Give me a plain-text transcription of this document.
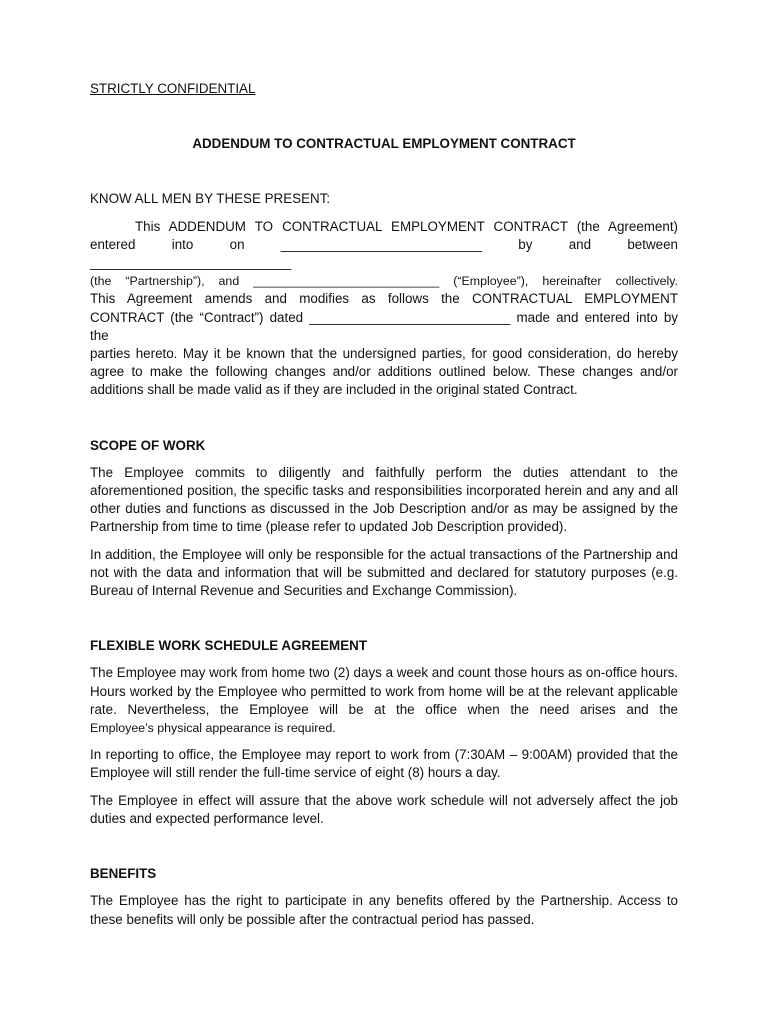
STRICTLY CONFIDENTIAL

ADDENDUM TO CONTRACTUAL EMPLOYMENT CONTRACT

KNOW ALL MEN BY THESE PRESENT:

This ADDENDUM TO CONTRACTUAL EMPLOYMENT CONTRACT (the Agreement)

entered into on ___________________________ by and between ___________________________

(the “Partnership”), and ___________________________ (“Employee”), hereinafter collectively.

This Agreement amends and modifies as follows the CONTRACTUAL EMPLOYMENT

CONTRACT (the “Contract”) dated ___________________________ made and entered into by the

parties hereto. May it be known that the undersigned parties, for good consideration, do hereby

agree to make the following changes and/or additions outlined below. These changes and/or

additions shall be made valid as if they are included in the original stated Contract.

SCOPE OF WORK

The Employee commits to diligently and faithfully perform the duties attendant to the aforementioned position, the specific tasks and responsibilities incorporated herein and any and all other duties and functions as discussed in the Job Description and/or as may be assigned by the Partnership from time to time (please refer to updated Job Description provided).

In addition, the Employee will only be responsible for the actual transactions of the Partnership and not with the data and information that will be submitted and declared for statutory purposes (e.g. Bureau of Internal Revenue and Securities and Exchange Commission).

FLEXIBLE WORK SCHEDULE AGREEMENT

The Employee may work from home two (2) days a week and count those hours as on-office hours. Hours worked by the Employee who permitted to work from home will be at the relevant applicable rate. Nevertheless, the Employee will be at the office when the need arises and the

Employee’s physical appearance is required.

In reporting to office, the Employee may report to work from (7:30AM – 9:00AM) provided that the Employee will still render the full-time service of eight (8) hours a day.

The Employee in effect will assure that the above work schedule will not adversely affect the job duties and expected performance level.

BENEFITS

The Employee has the right to participate in any benefits offered by the Partnership. Access to these benefits will only be possible after the contractual period has passed.
